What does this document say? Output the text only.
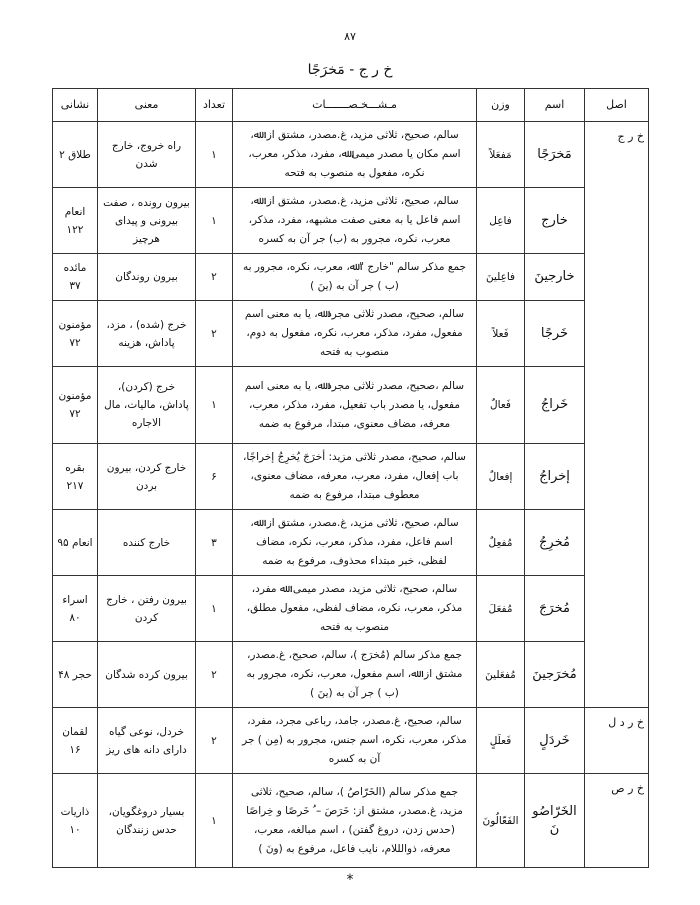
۸۷
خ ر ج - مَخرَجًا
اصل	اسم	وزن	مـشـــخـصـــــــات	تعداد	معنی	نشانی
خ ر ج	مَخرَجًا	مَفعَلاً	سالم، صحیح، ثلاثی مزید، غ.مصدر، مشتق از: ﷲ، اسم مکان یا مصدر میمی ﷲ، مفرد، مذکر، معرب، نکره، مفعول به منصوب به فتحه	۱	راه خروج، خارج شدن	طلاق ۲
	خارج	فاعِل	سالم، صحیح، ثلاثی مزید، غ.مصدر، مشتق از: ﷲ، اسم فاعل یا به معنی صفت مشبهه، مفرد، مذکر، معرب، نکره، مجرور به (ب) جر آن به کسره	۱	بیرون رونده ، صفت بیرونی و پیدای هرچیز	انعام ۱۲۲
	خارجینَ	فاعِلینَ	جمع مذکر سالم "خارج " ﷲ، معرب، نکره، مجرور به (ب ) جر آن به (ینَ )	۲	بیرون روندگان	مائده ۳۷
	خَرجًا	فَعلاً	سالم، صحیح، مصدر ثلاثی مجرد ﷲ، یا به معنی اسم مفعول، مفرد، مذکر، معرب، نکره، مفعول به دوم، منصوب به فتحه	۲	خرج (شده) ، مزد، پاداش، هزینه	مؤمنون ۷۲
	خَراجُ	فَعالٌ	سالم ،صحیح، مصدر ثلاثی مجرد ﷲ، یا به معنی اسم مفعول، یا مصدر باب تفعیل، مفرد، مذکر، معرب، معرفه، مضاف معنوی، مبتدا، مرفوع به ضمه	۱	خرج (کردن)، پاداش، مالیات، مال الاجاره	مؤمنون ۷۲
	إخراجُ	إفعالٌ	سالم، صحیح، مصدر ثلاثی مزید: أخرَجَ یُخرِجُ إخراجًا، باب إفعال، مفرد، معرب، معرفه، مضاف معنوی، معطوف مبتدا، مرفوع به ضمه	۶	خارج کردن، بیرون بردن	بقره ۲۱۷
	مُخرِجُ	مُفعِلٌ	سالم، صحیح، ثلاثی مزید، غ.مصدر، مشتق از: ﷲ، اسم فاعل، مفرد، مذکر، معرب، نکره، مضاف لفظی، خبر مبتداء محذوف، مرفوع به ضمه	۳	خارج کننده	انعام ۹۵
	مُخرَجَ	مُفعَلَ	سالم، صحیح، ثلاثی مزید، مصدر میمی: ﷲ مفرد، مذکر، معرب، نکره، مضاف لفظی، مفعول مطلق، منصوب به فتحه	۱	بیرون رفتن ، خارج کردن	اسراء ۸۰
	مُخرَجینَ	مُفعَلینَ	جمع مذکر سالم (مُخرَج )، سالم، صحیح، غ.مصدر، مشتق از: ﷲ، اسم مفعول، معرب، نکره، مجرور به (ب ) جر آن به (ینَ )	۲	بیرون کرده شدگان	حجر ۴۸
خ ر د ل	خَردَلٍ	فَعلَلٍ	سالم، صحیح، غ.مصدر، جامد، رباعی مجرد، مفرد، مذکر، معرب، نکره، اسم جنس، مجرور به (مِن ) جر آن به کسره	۲	خردل، نوعی گیاه دارای دانه های ریز	لقمان ۱۶
خ ر ص	الخَرّاصُونَ	الفَعّالُونَ	جمع مذکر سالم (الخَرّاصُ )، سالم، صحیح، ثلاثی مزید، غ.مصدر، مشتق از: خَرَصَ – ُ خَرصًا و خِراصًا (حدس زدن، دروغ گفتن) ، اسم مبالغه، معرب، معرفه، ذوالللام، نایب فاعل، مرفوع به (ونَ )	۱	بسیار دروغگویان، حدس زنندگان	ذاریات ۱۰
*
